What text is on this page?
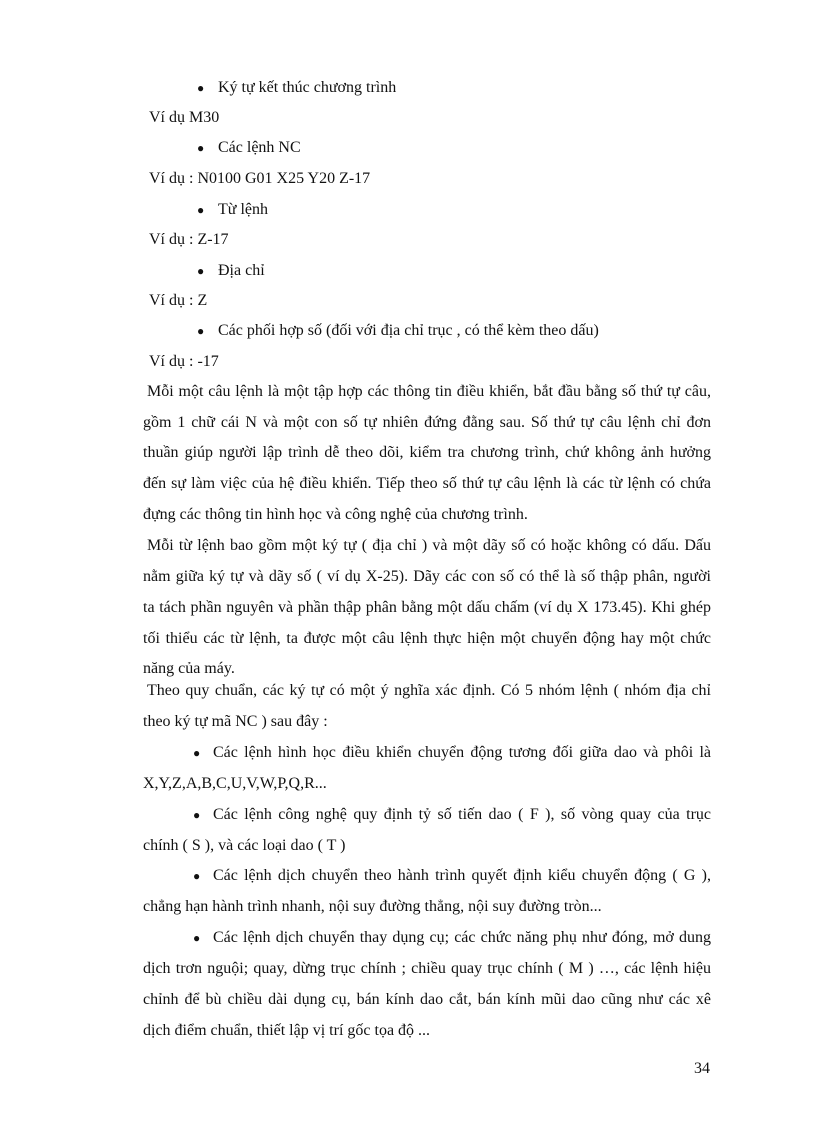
● Ký tự kết thúc chương trình
Ví dụ M30
● Các lệnh NC
Ví dụ : N0100 G01 X25 Y20 Z-17
● Từ lệnh
Ví dụ : Z-17
● Địa chỉ
Ví dụ : Z
● Các phối hợp số (đối với địa chỉ trục , có thể kèm theo dấu)
Ví dụ : -17
Mỗi một câu lệnh là một tập hợp các thông tin điều khiển, bắt đầu bằng số thứ tự câu,
gồm 1 chữ cái N và một con số tự nhiên đứng đằng sau. Số thứ tự câu lệnh chỉ đơn
thuần giúp người lập trình dễ theo dõi, kiểm tra chương trình, chứ không ảnh hưởng
đến sự làm việc của hệ điều khiển. Tiếp theo số thứ tự câu lệnh là các từ lệnh có chứa
đựng các thông tin hình học và công nghệ của chương trình.
Mỗi từ lệnh bao gồm một ký tự ( địa chỉ ) và một dãy số có hoặc không có dấu. Dấu
nằm giữa ký tự và dãy số ( ví dụ X-25). Dãy các con số có thể là số thập phân, người
ta tách phần nguyên và phần thập phân bằng một dấu chấm (ví dụ X 173.45). Khi ghép
tối thiểu các từ lệnh, ta được một câu lệnh thực hiện một chuyển động hay một chức
năng của máy.
Theo quy chuẩn, các ký tự có một ý nghĩa xác định. Có 5 nhóm lệnh ( nhóm địa chỉ
theo ký tự mã NC ) sau đây :
● Các lệnh hình học điều khiển chuyển động tương đối giữa dao và phôi là
X,Y,Z,A,B,C,U,V,W,P,Q,R...
● Các lệnh công nghệ quy định tỷ số tiến dao ( F ), số vòng quay của trục
chính ( S ), và các loại dao ( T )
● Các lệnh dịch chuyển theo hành trình quyết định kiểu chuyển động ( G ),
chẳng hạn hành trình nhanh, nội suy đường thẳng, nội suy đường tròn...
● Các lệnh dịch chuyển thay dụng cụ; các chức năng phụ như đóng, mở dung
dịch trơn nguội; quay, dừng trục chính ; chiều quay trục chính ( M ) …, các lệnh hiệu
chỉnh để bù chiều dài dụng cụ, bán kính dao cắt, bán kính mũi dao cũng như các xê
dịch điểm chuẩn, thiết lập vị trí gốc tọa độ ...
34
